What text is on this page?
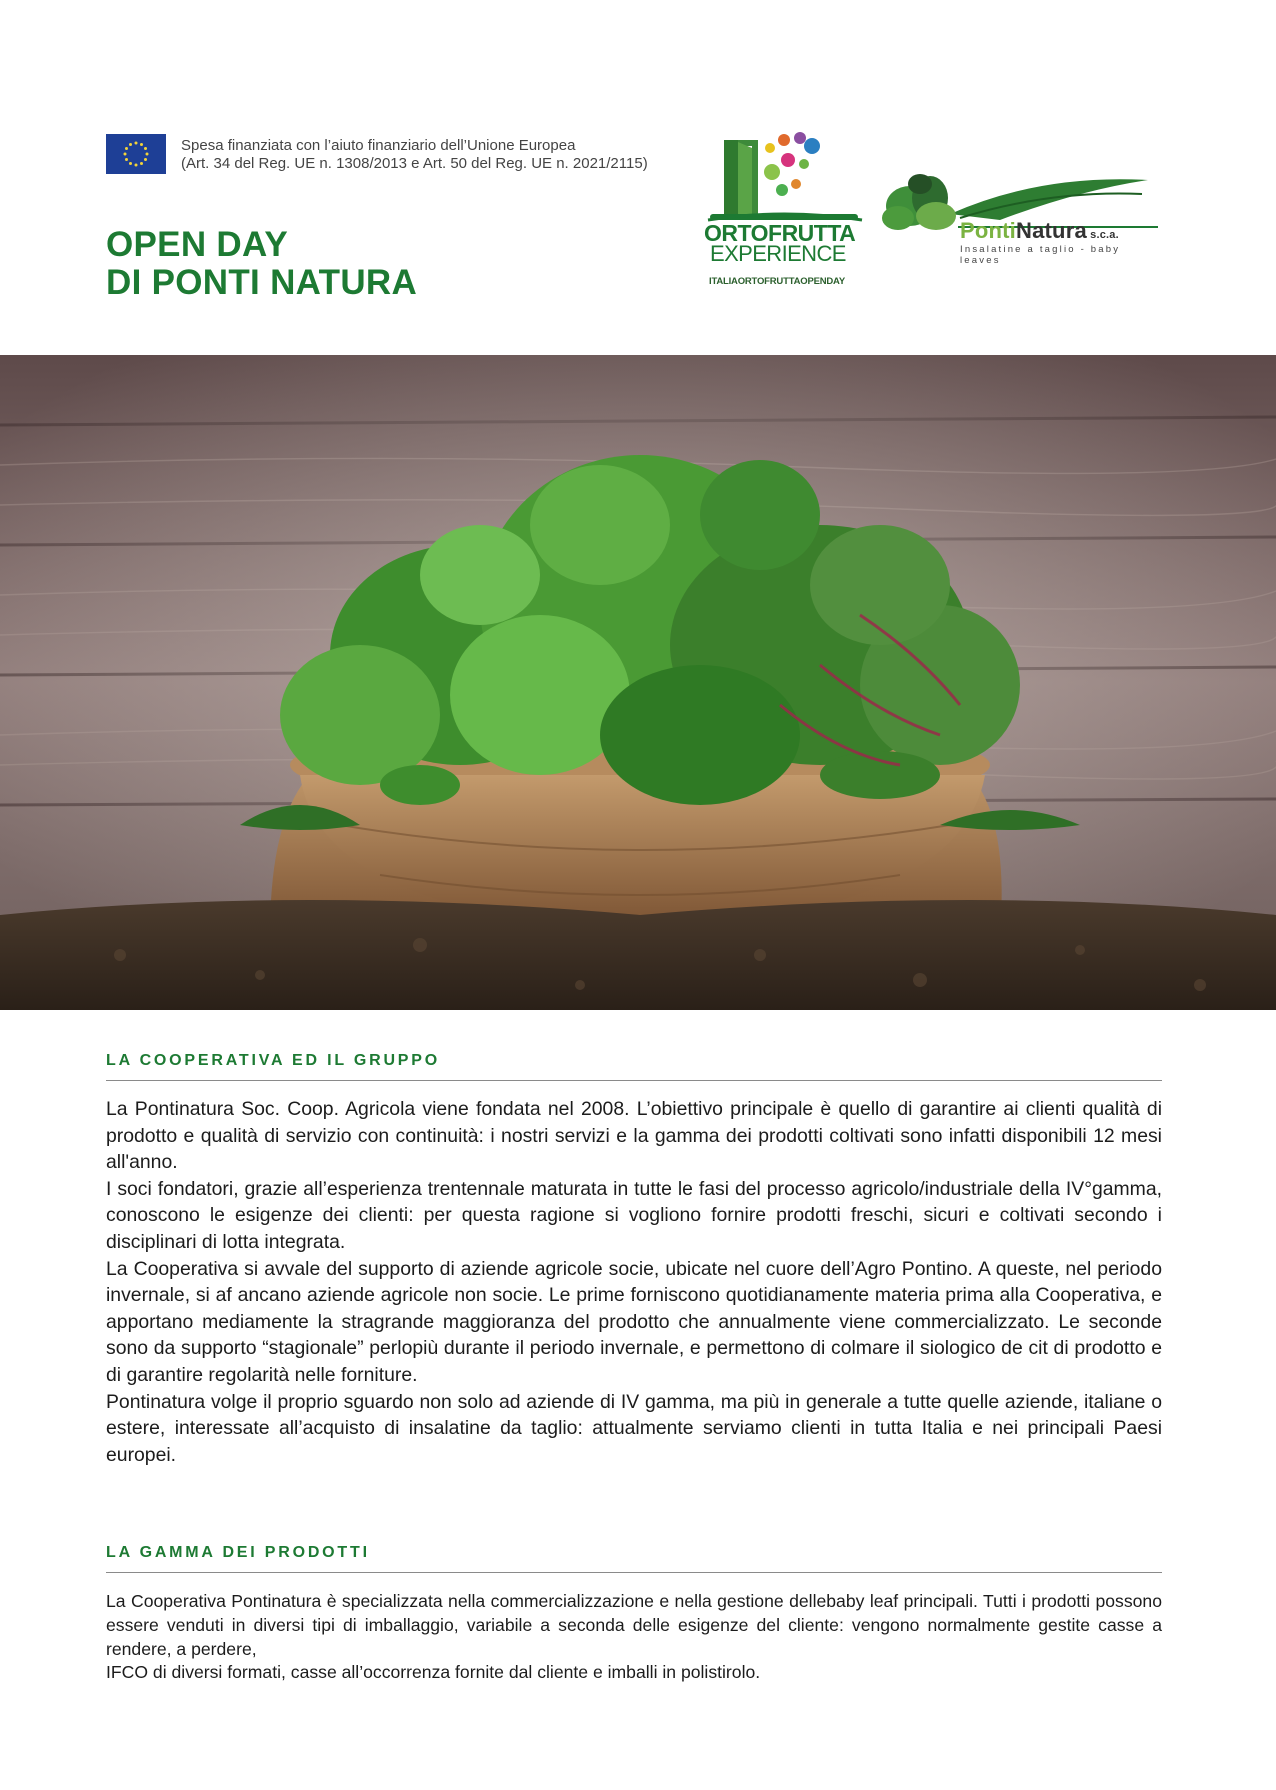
Spesa finanziata con l’aiuto finanziario dell’Unione Europea
(Art. 34 del Reg. UE n. 1308/2013 e Art. 50 del Reg. UE n. 2021/2115)
OPEN DAY
DI PONTI NATURA
ORTOFRUTTA
EXPERIENCE
ITALIAORTOFRUTTAOPENDAY
PontiNatura s.c.a.
Insalatine a taglio - baby leaves
LA COOPERATIVA ED IL GRUPPO

La Pontinatura Soc. Coop. Agricola viene fondata nel 2008. L’obiettivo principale è quello di garantire ai clienti qualità di prodotto e qualità di servizio con continuità: i nostri servizi e la gamma dei prodotti coltivati sono infatti disponibili 12 mesi all'anno.

I soci fondatori, grazie all’esperienza trentennale maturata in tutte le fasi del processo agricolo/industriale della IV°gamma, conoscono le esigenze dei clienti: per questa ragione si vogliono fornire prodotti freschi, sicuri e coltivati secondo i disciplinari di lotta integrata.

La Cooperativa si avvale del supporto di aziende agricole socie, ubicate nel cuore dell’Agro Pontino. A queste, nel periodo invernale, si af ancano aziende agricole non socie. Le prime forniscono quotidianamente materia prima alla Cooperativa, e apportano mediamente la stragrande maggioranza del prodotto che annualmente viene commercializzato. Le seconde sono da supporto “stagionale” perlopiù durante il periodo invernale, e permettono di colmare il siologico de cit di prodotto e di garantire regolarità nelle forniture.

Pontinatura volge il proprio sguardo non solo ad aziende di IV gamma, ma più in generale a tutte quelle aziende, italiane o estere, interessate all’acquisto di insalatine da taglio: attualmente serviamo clienti in tutta Italia e nei principali Paesi europei.

LA GAMMA DEI PRODOTTI

La Cooperativa Pontinatura è specializzata nella commercializzazione e nella gestione dellebaby leaf principali. Tutti i prodotti possono essere venduti in diversi tipi di imballaggio, variabile a seconda delle esigenze del cliente: vengono normalmente gestite casse a rendere, a perdere,

IFCO di diversi formati, casse all’occorrenza fornite dal cliente e imballi in polistirolo.
